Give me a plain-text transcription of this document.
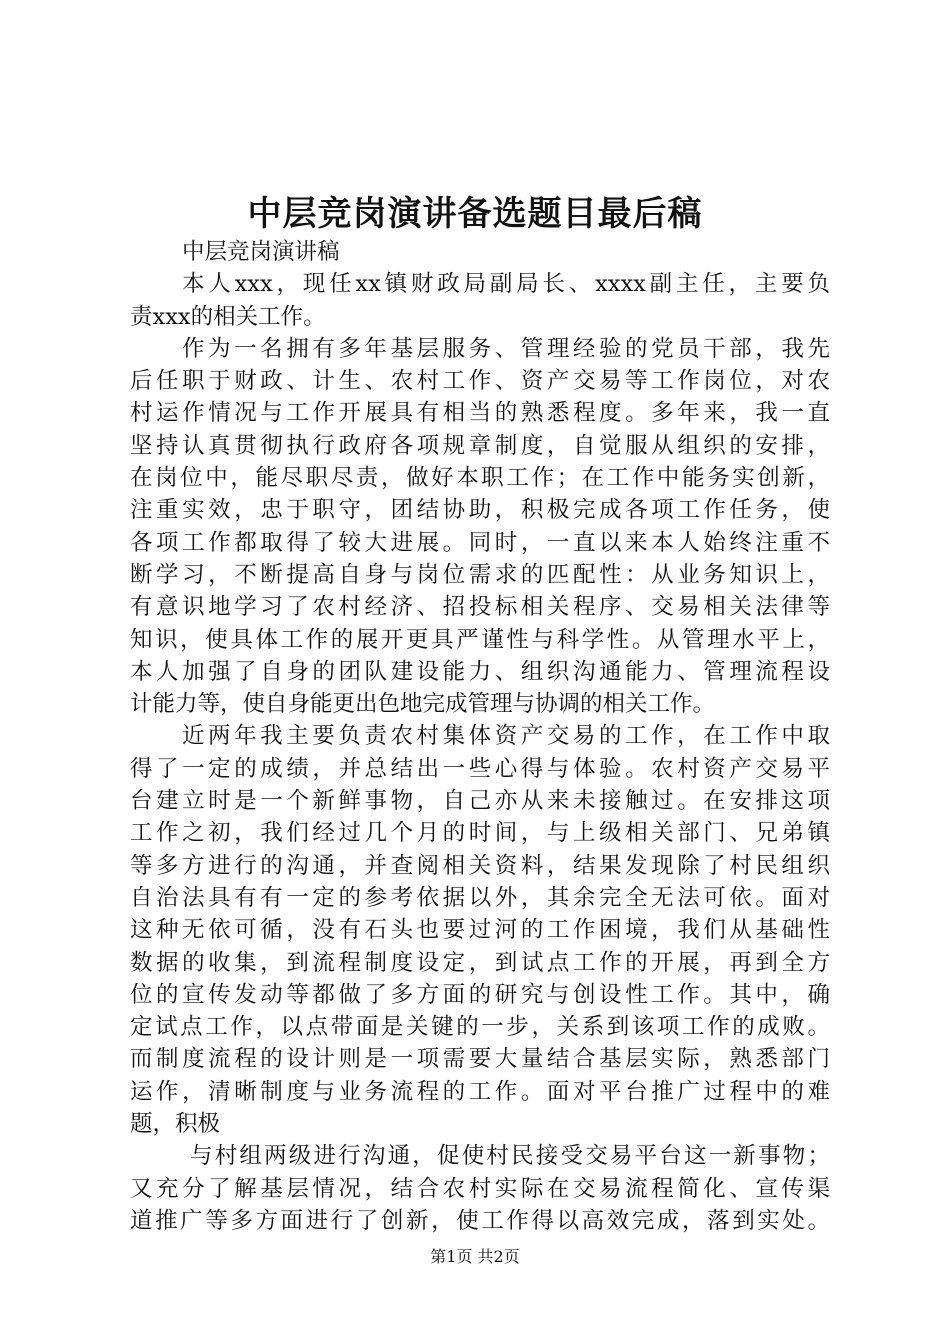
中层竞岗演讲备选题目最后稿
中层竞岗演讲稿
本人xxx，现任xx镇财政局副局长、xxxx副主任，主要负
责xxx的相关工作。
作为一名拥有多年基层服务、管理经验的党员干部，我先
后任职于财政、计生、农村工作、资产交易等工作岗位，对农
村运作情况与工作开展具有相当的熟悉程度。多年来，我一直
坚持认真贯彻执行政府各项规章制度，自觉服从组织的安排，
在岗位中，能尽职尽责，做好本职工作；在工作中能务实创新，
注重实效，忠于职守，团结协助，积极完成各项工作任务，使
各项工作都取得了较大进展。同时，一直以来本人始终注重不
断学习，不断提高自身与岗位需求的匹配性：从业务知识上，
有意识地学习了农村经济、招投标相关程序、交易相关法律等
知识，使具体工作的展开更具严谨性与科学性。从管理水平上，
本人加强了自身的团队建设能力、组织沟通能力、管理流程设
计能力等，使自身能更出色地完成管理与协调的相关工作。
近两年我主要负责农村集体资产交易的工作，在工作中取
得了一定的成绩，并总结出一些心得与体验。农村资产交易平
台建立时是一个新鲜事物，自己亦从来未接触过。在安排这项
工作之初，我们经过几个月的时间，与上级相关部门、兄弟镇
等多方进行的沟通，并查阅相关资料，结果发现除了村民组织
自治法具有有一定的参考依据以外，其余完全无法可依。面对
这种无依可循，没有石头也要过河的工作困境，我们从基础性
数据的收集，到流程制度设定，到试点工作的开展，再到全方
位的宣传发动等都做了多方面的研究与创设性工作。其中，确
定试点工作，以点带面是关键的一步，关系到该项工作的成败。
而制度流程的设计则是一项需要大量结合基层实际，熟悉部门
运作，清晰制度与业务流程的工作。面对平台推广过程中的难
题，积极
与村组两级进行沟通，促使村民接受交易平台这一新事物；
又充分了解基层情况，结合农村实际在交易流程简化、宣传渠
道推广等多方面进行了创新，使工作得以高效完成，落到实处。
第1页 共2页
